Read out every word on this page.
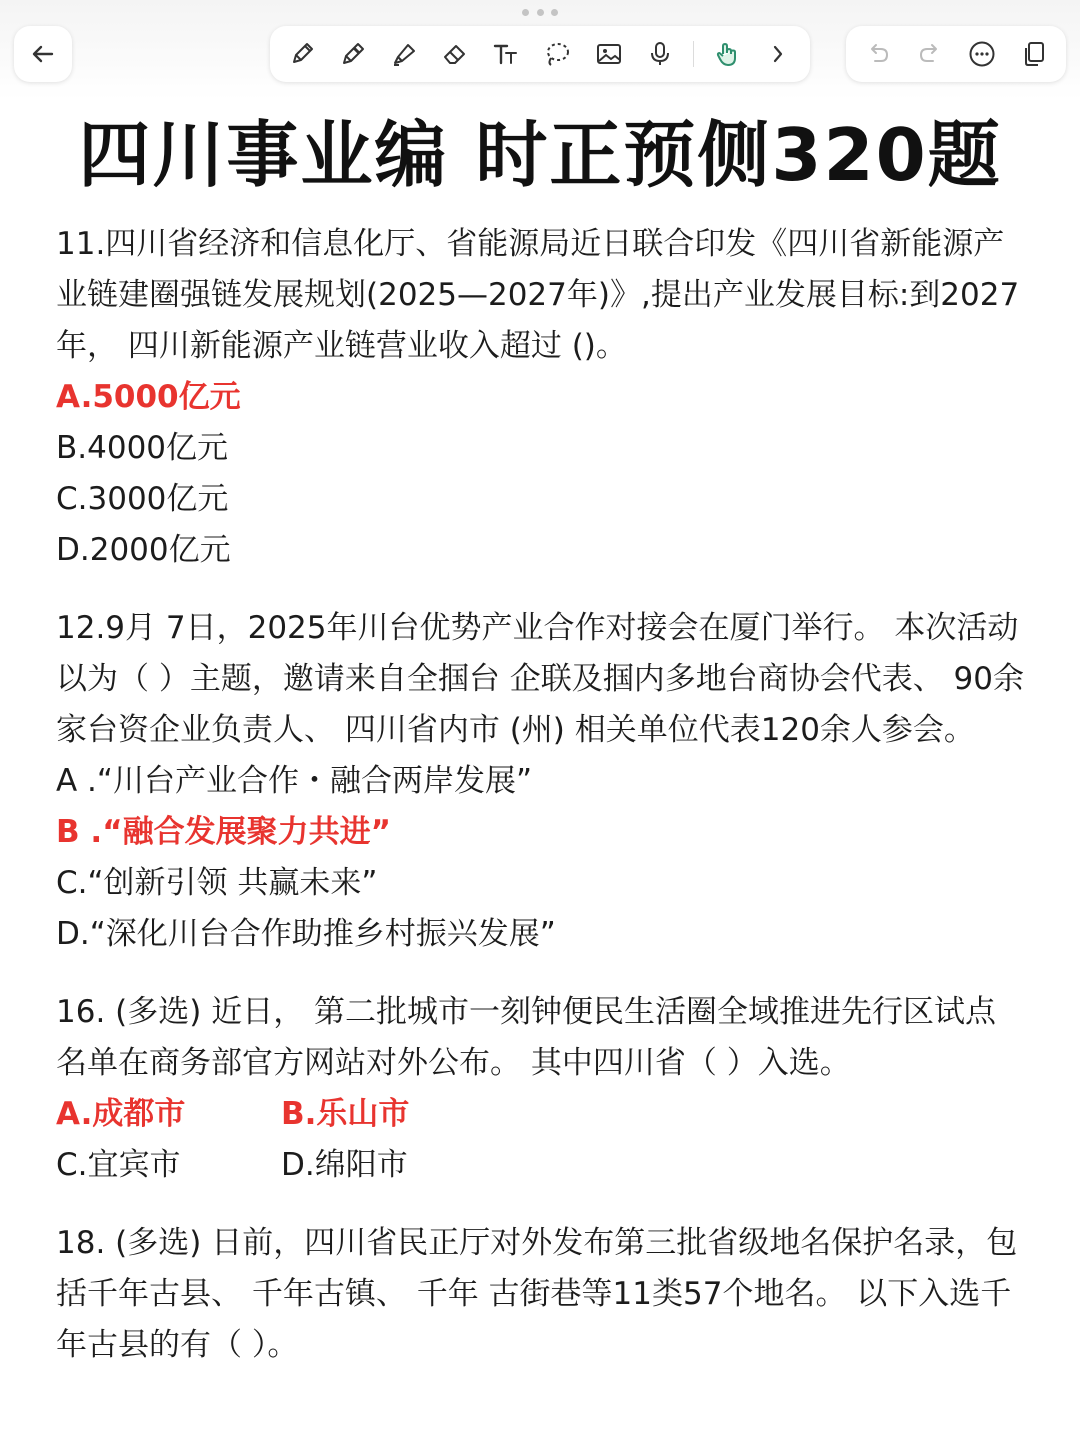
四川事业编 时正预侧320题

11.四川省经济和信息化厅、省能源局近日联合印发《四川省新能源产业链建圈强链发展规划(2025—2027年)》,提出产业发展目标:到2027年， 四川新能源产业链营业收入超过 ()。

A.5000亿元

B.4000亿元

C.3000亿元

D.2000亿元

12.9月 7日，2025年川台优势产业合作对接会在厦门举行。 本次活动以为（ ）主题，邀请来自全掴台 企联及掴内多地台商协会代表、 90余家台资企业负责人、 四川省内市 (州) 相关单位代表120余人参会。

A .“川台产业合作・融合两岸发展”

B .“融合发展聚力共进”

C.“创新引领 共赢未来”

D.“深化川台合作助推乡村振兴发展”

16. (多选) 近日， 第二批城市一刻钟便民生活圈全域推进先行区试点名单在商务部官方网站对外公布。 其中四川省（ ）入选。

A.成都市	B.乐山市
C.宜宾市	D.绵阳市

18. (多选) 日前，四川省民正厅对外发布第三批省级地名保护名录，包括千年古县、 千年古镇、 千年 古街巷等11类57个地名。 以下入选千年古县的有（ ）。
